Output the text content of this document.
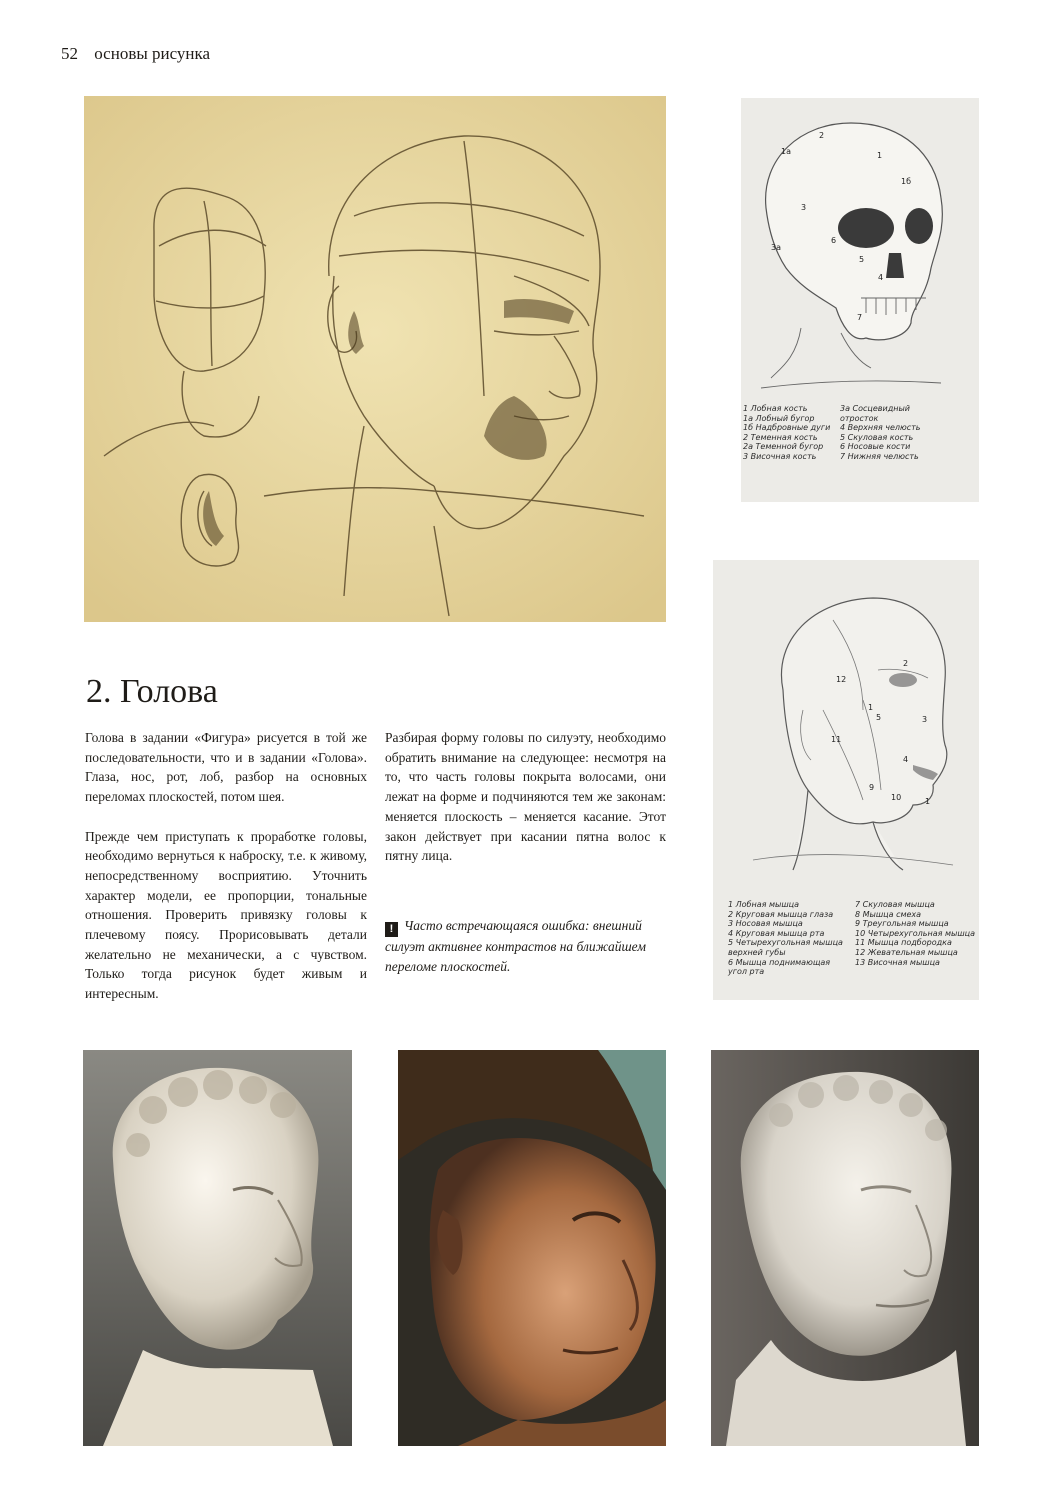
52 основы рисунка
2
1
1а
1б
3
3а
6
5
4
7
1 Лобная кость
1а Лобный бугор
1б Надбровные дуги
2 Теменная кость
2а Теменной бугор
3 Височная кость
3а Сосцевидный
отросток
4 Верхняя челюсть
5 Скуловая кость
6 Носовые кости
7 Нижняя челюсть
12
2
1
5	3
11
4
9
10	1
1 Лобная мышца
2 Круговая мышца глаза
3 Носовая мышца
4 Круговая мышца рта
5 Четырехугольная мышца
верхней губы
6 Мышца поднимающая
угол рта
7 Скуловая мышца
8 Мышца смеха
9 Треугольная мышца
10 Четырехугольная мышца
11 Мышца подбородка
12 Жевательная мышца
13 Височная мышца
2. Голова

Голова в задании «Фигура» рисуется в той же последовательности, что и в задании «Голова». Глаза, нос, рот, лоб, разбор на основных переломах плоскостей, потом шея.

Прежде чем приступать к проработке головы, необходимо вернуться к наброску, т.е. к живому, непосредственному восприятию. Уточнить характер модели, ее пропорции, тональные отношения. Проверить привязку головы к плечевому поясу. Прорисовывать детали желательно не механически, а с чувством. Только тогда рисунок будет живым и интересным.

Разбирая форму головы по силуэту, необходимо обратить внимание на следующее: несмотря на то, что часть головы покрыта волосами, они лежат на форме и подчиняются тем же законам: меняется плоскость – меняется касание. Этот закон действует при касании пятна волос к пятну лица.

! Часто встречающаяся ошибка: внешний силуэт активнее контрастов на ближайшем переломе плоскостей.
